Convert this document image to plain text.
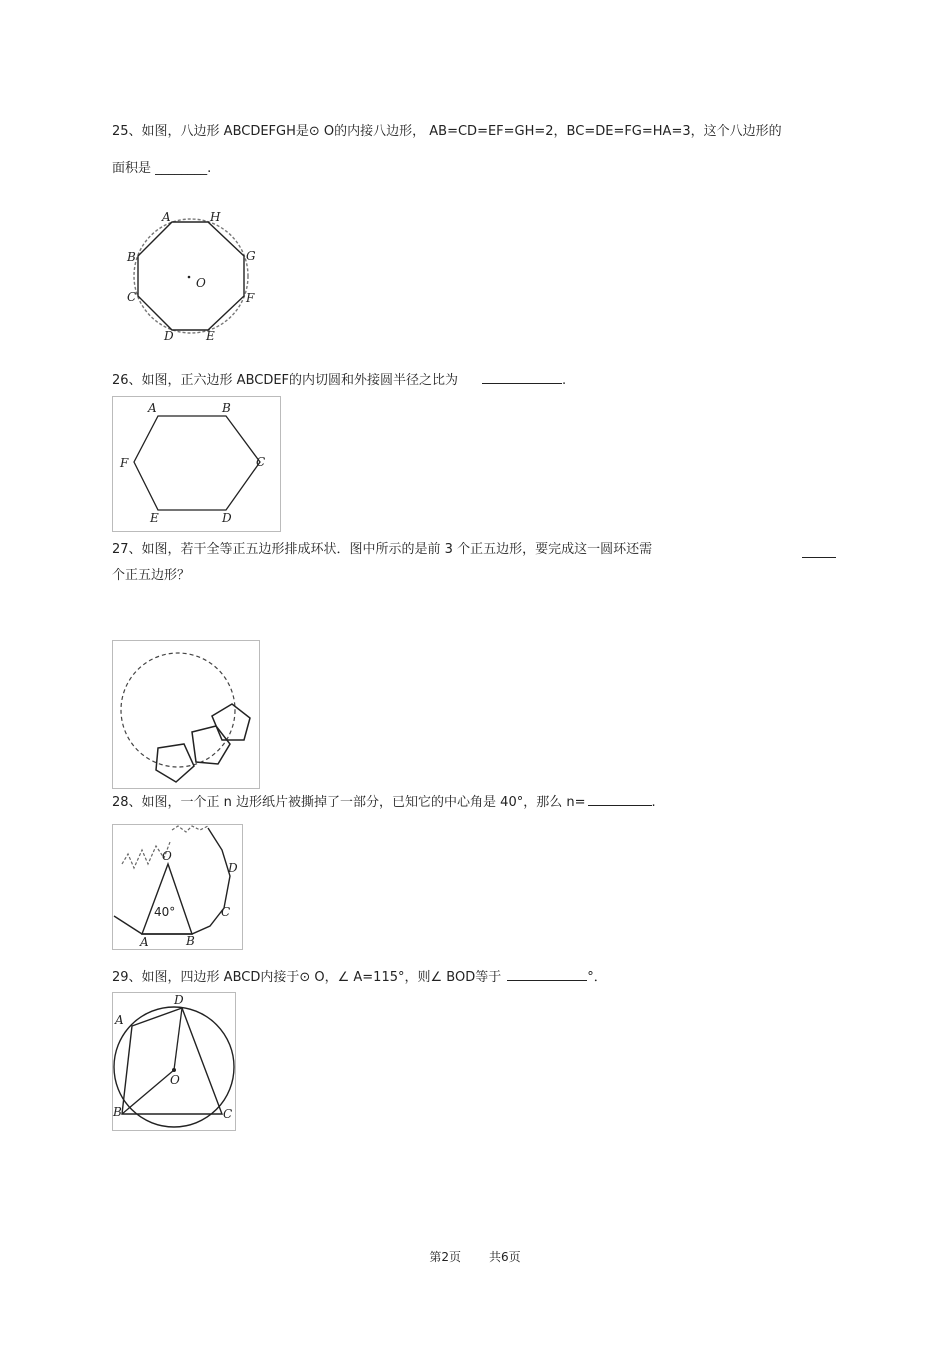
25、如图，八边形 ABCDEFGH是⊙ O的内接八边形， AB=CD=EF=GH=2，BC=DE=FG=HA=3，这个八边形的
面积是 ________.
A	H
B	G
C	F
D	E
O
26、如图，正六边形 ABCDEF的内切圆和外接圆半径之比为	.
A	B
F	C
E	D
27、如图，若干全等正五边形排成环状．图中所示的是前 3 个正五边形，要完成这一圆环还需
个正五边形？
28、如图，一个正 n 边形纸片被撕掉了一部分，已知它的中心角是 40°，那么 n=	.
O
D
C
A	B
40°
29、如图，四边形 ABCD内接于⊙ O，∠ A=115°，则∠ BOD等于	°．
D
A
O
B	C
第2页 共6页
